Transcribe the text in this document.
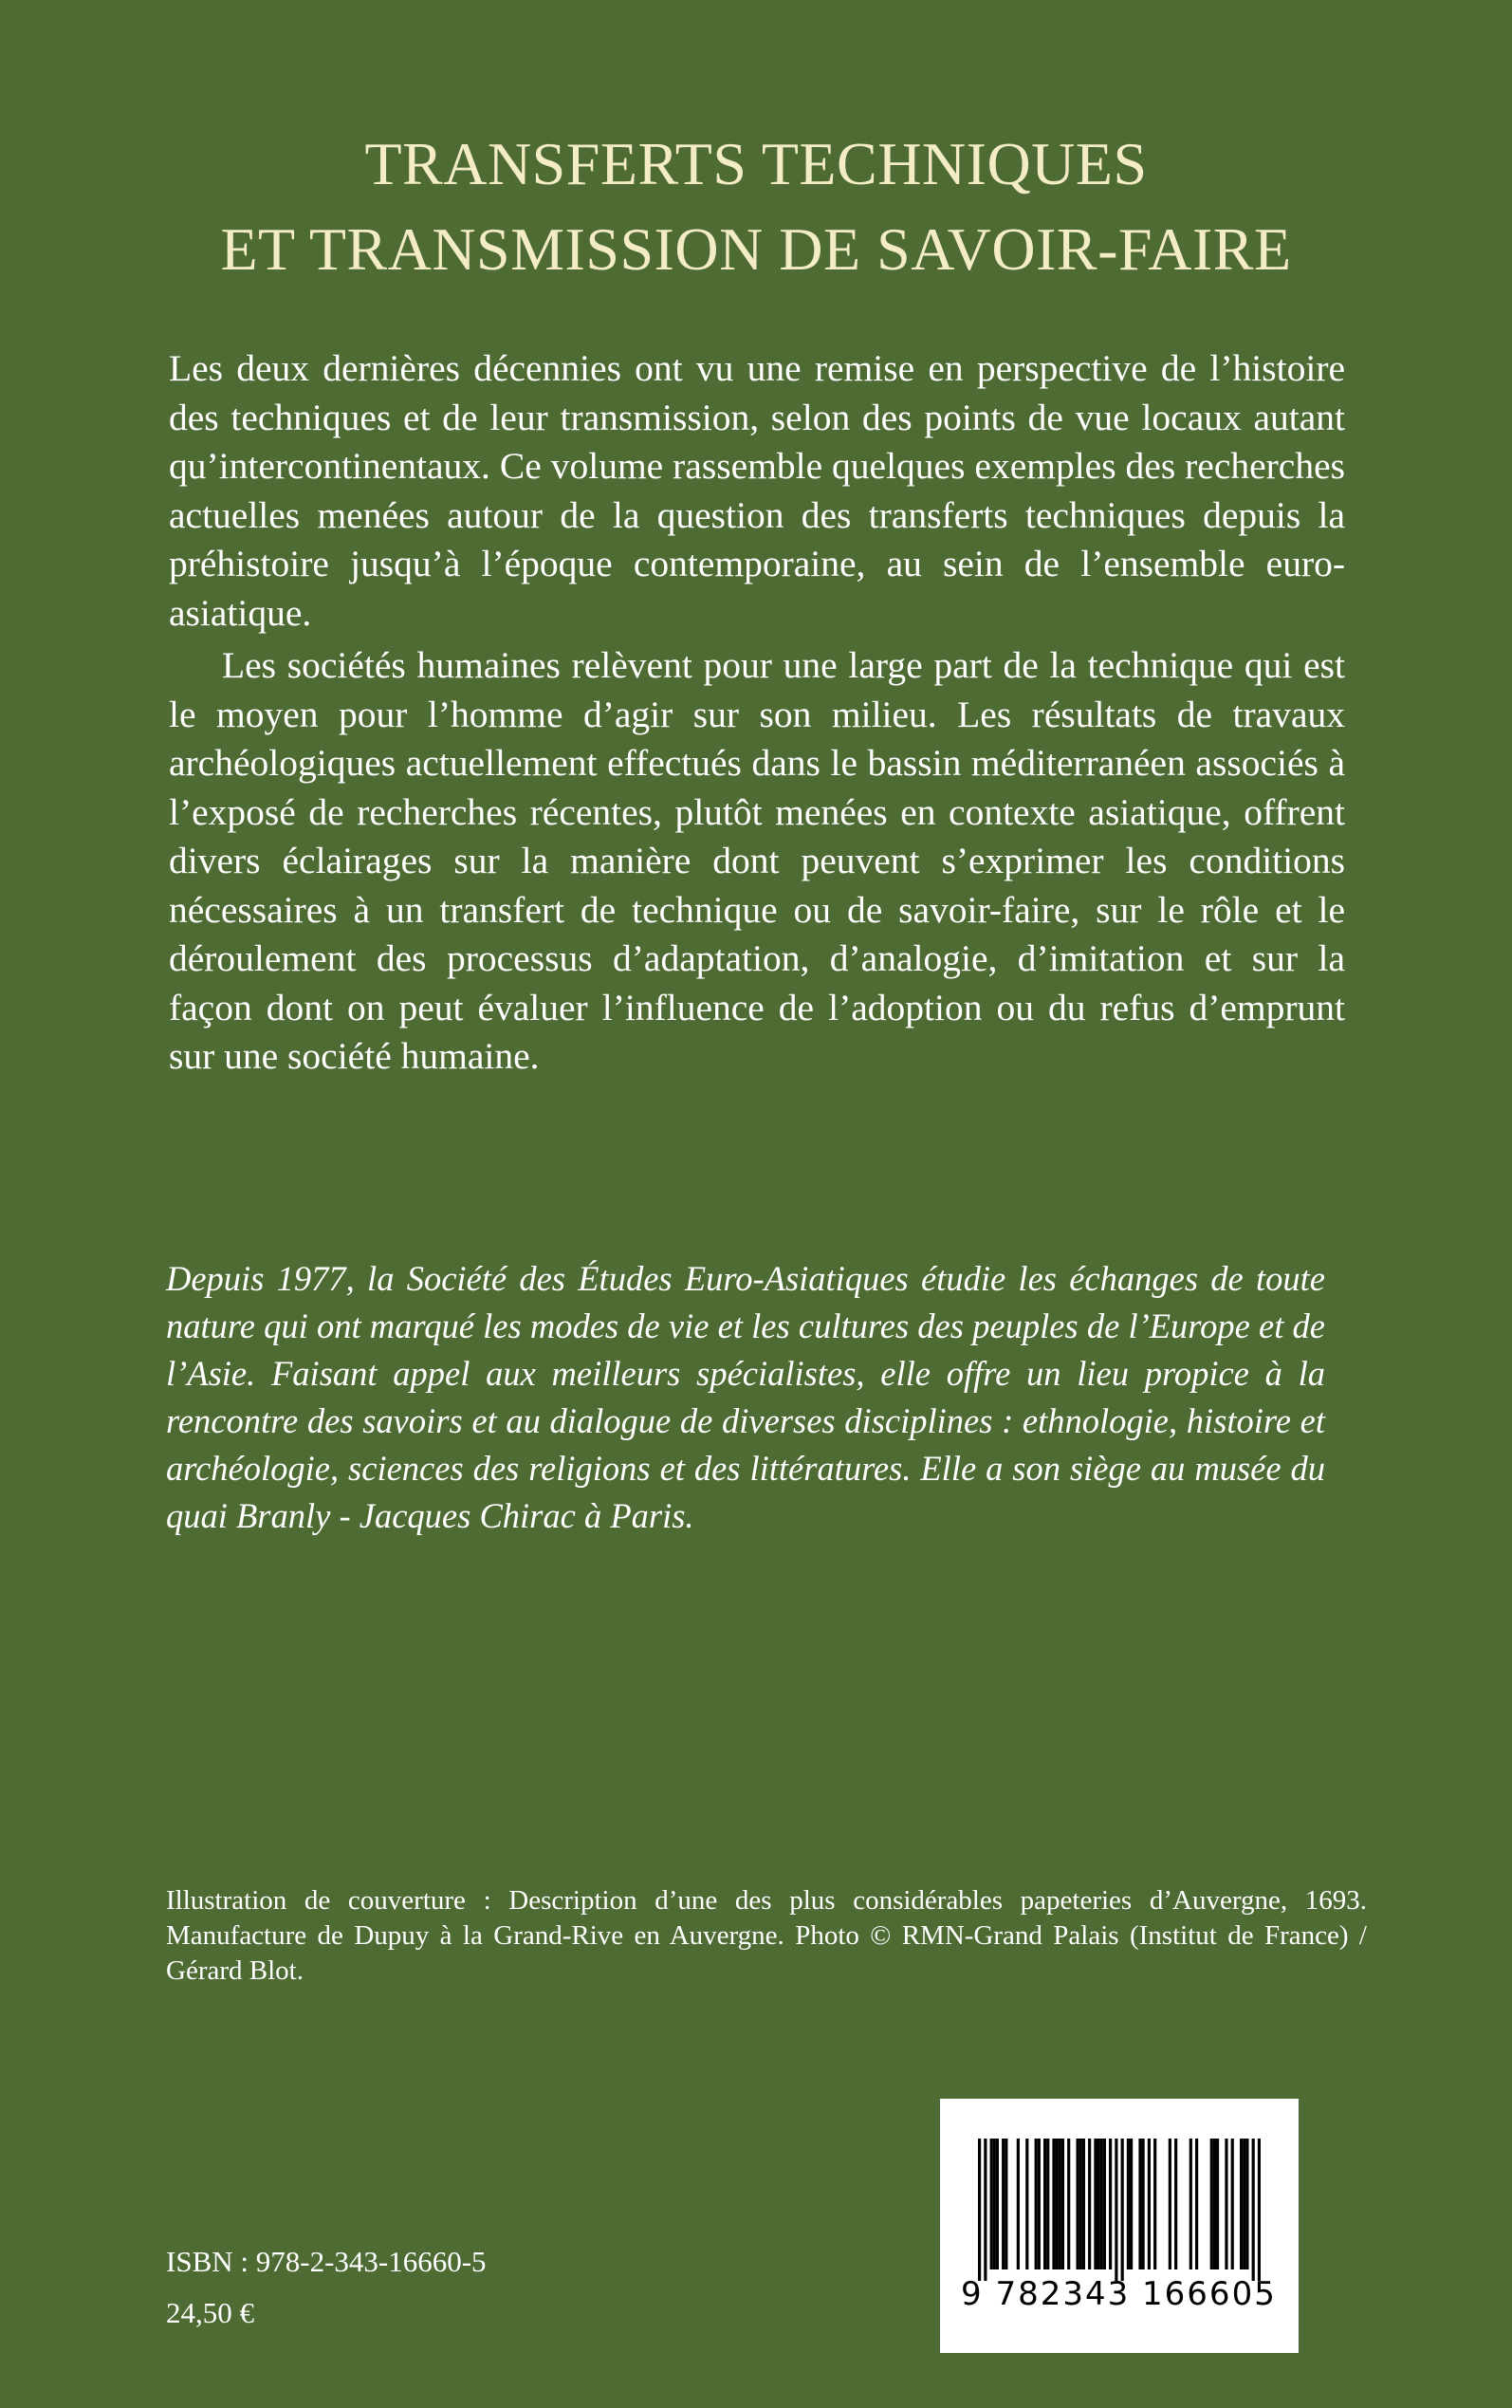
TRANSFERTS TECHNIQUES
ET TRANSMISSION DE SAVOIR-FAIRE

Les deux dernières décennies ont vu une remise en perspective de l’histoire des techniques et de leur transmission, selon des points de vue locaux autant qu’intercontinentaux. Ce volume rassemble quelques exemples des recherches actuelles menées autour de la question des transferts techniques depuis la préhistoire jusqu’à l’époque contemporaine, au sein de l’ensemble euro-asiatique.

Les sociétés humaines relèvent pour une large part de la technique qui est le moyen pour l’homme d’agir sur son milieu. Les résultats de travaux archéologiques actuellement effectués dans le bassin méditerranéen associés à l’exposé de recherches récentes, plutôt menées en contexte asiatique, offrent divers éclairages sur la manière dont peuvent s’exprimer les conditions nécessaires à un transfert de technique ou de savoir-faire, sur le rôle et le déroulement des processus d’adaptation, d’analogie, d’imitation et sur la façon dont on peut évaluer l’influence de l’adoption ou du refus d’emprunt sur une société humaine.

Depuis 1977, la Société des Études Euro-Asiatiques étudie les échanges de toute nature qui ont marqué les modes de vie et les cultures des peuples de l’Europe et de l’Asie. Faisant appel aux meilleurs spécialistes, elle offre un lieu propice à la rencontre des savoirs et au dialogue de diverses disciplines : ethnologie, histoire et archéologie, sciences des religions et des littératures. Elle a son siège au musée du quai Branly - Jacques Chirac à Paris.

Illustration de couverture : Description d’une des plus considérables papeteries d’Auvergne, 1693. Manufacture de Dupuy à la Grand-Rive en Auvergne. Photo © RMN-Grand Palais (Institut de France) / Gérard Blot.

ISBN : 978-2-343-16660-5
24,50 €	9 782343 166605
